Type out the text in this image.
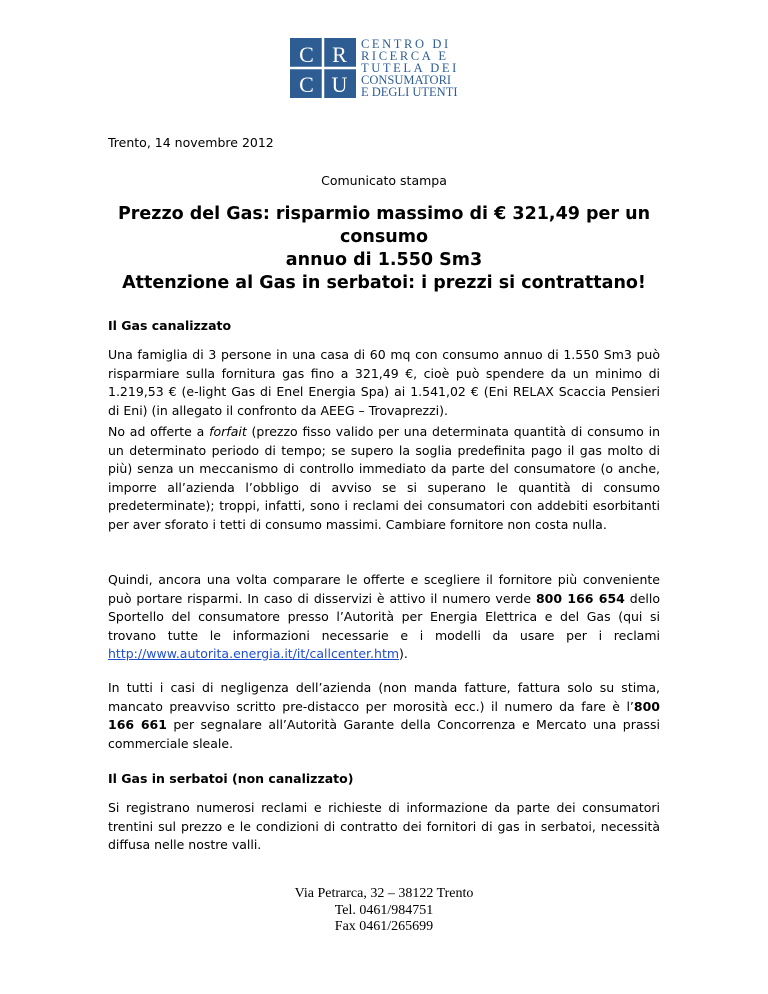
C R
C U
CENTRO DI
RICERCA E
TUTELA DEI
CONSUMATORI
E DEGLI UTENTI
Trento, 14 novembre 2012
Comunicato stampa
Prezzo del Gas: risparmio massimo di € 321,49 per un consumo
annuo di 1.550 Sm3
Attenzione al Gas in serbatoi: i prezzi si contrattano!
Il Gas canalizzato
Una famiglia di 3 persone in una casa di 60 mq con consumo annuo di 1.550 Sm3 può risparmiare sulla fornitura gas fino a 321,49 €, cioè può spendere da un minimo di 1.219,53 € (e-light Gas di Enel Energia Spa) ai 1.541,02 € (Eni RELAX Scaccia Pensieri di Eni) (in allegato il confronto da AEEG – Trovaprezzi).
No ad offerte a forfait (prezzo fisso valido per una determinata quantità di consumo in un determinato periodo di tempo; se supero la soglia predefinita pago il gas molto di più) senza un meccanismo di controllo immediato da parte del consumatore (o anche, imporre all’azienda l’obbligo di avviso se si superano le quantità di consumo predeterminate); troppi, infatti, sono i reclami dei consumatori con addebiti esorbitanti per aver sforato i tetti di consumo massimi. Cambiare fornitore non costa nulla.
Quindi, ancora una volta comparare le offerte e scegliere il fornitore più conveniente può portare risparmi. In caso di disservizi è attivo il numero verde 800 166 654 dello Sportello del consumatore presso l’Autorità per Energia Elettrica e del Gas (qui si trovano tutte le informazioni necessarie e i modelli da usare per i reclami http://www.autorita.energia.it/it/callcenter.htm).
In tutti i casi di negligenza dell’azienda (non manda fatture, fattura solo su stima, mancato preavviso scritto pre-distacco per morosità ecc.) il numero da fare è l’800 166 661 per segnalare all’Autorità Garante della Concorrenza e Mercato una prassi commerciale sleale.
Il Gas in serbatoi (non canalizzato)
Si registrano numerosi reclami e richieste di informazione da parte dei consumatori trentini sul prezzo e le condizioni di contratto dei fornitori di gas in serbatoi, necessità diffusa nelle nostre valli.
Via Petrarca, 32 – 38122 Trento
Tel. 0461/984751
Fax 0461/265699
